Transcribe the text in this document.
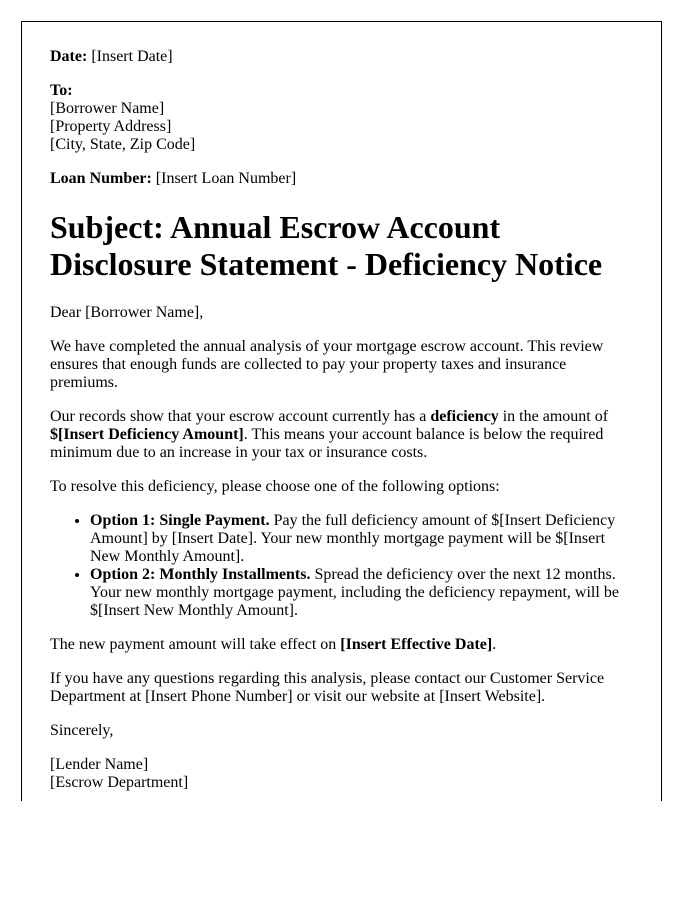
Date: [Insert Date]

To:
[Borrower Name]
[Property Address]
[City, State, Zip Code]

Loan Number: [Insert Loan Number]

Subject: Annual Escrow Account Disclosure Statement - Deficiency Notice

Dear [Borrower Name],

We have completed the annual analysis of your mortgage escrow account. This review ensures that enough funds are collected to pay your property taxes and insurance premiums.

Our records show that your escrow account currently has a deficiency in the amount of $[Insert Deficiency Amount]. This means your account balance is below the required minimum due to an increase in your tax or insurance costs.

To resolve this deficiency, please choose one of the following options:

• Option 1: Single Payment. Pay the full deficiency amount of $[Insert Deficiency Amount] by [Insert Date]. Your new monthly mortgage payment will be $[Insert New Monthly Amount].
• Option 2: Monthly Installments. Spread the deficiency over the next 12 months. Your new monthly mortgage payment, including the deficiency repayment, will be $[Insert New Monthly Amount].

The new payment amount will take effect on [Insert Effective Date].

If you have any questions regarding this analysis, please contact our Customer Service Department at [Insert Phone Number] or visit our website at [Insert Website].

Sincerely,

[Lender Name]
[Escrow Department]
